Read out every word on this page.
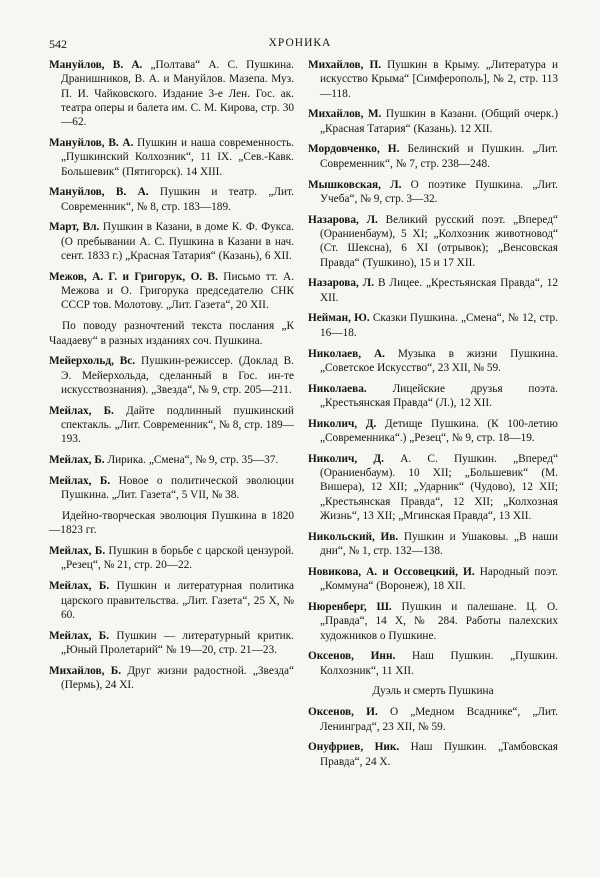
542	ХРОНИКА
Мануйлов, В. А. „Полтава“ А. С. Пушкина. Дранишников, В. А. и Мануйлов. Мазепа. Муз. П. И. Чайковского. Издание 3-е Лен. Гос. ак. театра оперы и балета им. С. М. Кирова, стр. 30—62.
Мануйлов, В. А. Пушкин и наша современность. „Пушкинский Колхозник“, 11 IX. „Сев.-Кавк. Большевик“ (Пятигорск). 14 XIII.
Мануйлов, В. А. Пушкин и театр. „Лит. Современник“, № 8, стр. 183—189.
Март, Вл. Пушкин в Казани, в доме К. Ф. Фукса. (О пребывании А. С. Пушкина в Казани в нач. сент. 1833 г.) „Красная Татария“ (Казань), 6 XII.
Межов, А. Г. и Григорук, О. В. Письмо тт. А. Межова и О. Григорука председателю СНК СССР тов. Молотову. „Лит. Газета“, 20 XII.
По поводу разночтений текста послания „К Чаадаеву“ в разных изданиях соч. Пушкина.
Мейерхольд, Вс. Пушкин-режиссер. (Доклад В. Э. Мейерхольда, сделанный в Гос. ин-те искусствознания). „Звезда“, № 9, стр. 205—211.
Мейлах, Б. Дайте подлинный пушкинский спектакль. „Лит. Современник“, № 8, стр. 189—193.
Мейлах, Б. Лирика. „Смена“, № 9, стр. 35—37.
Мейлах, Б. Новое о политической эволюции Пушкина. „Лит. Газета“, 5 VII, № 38.
Идейно-творческая эволюция Пушкина в 1820—1823 гг.
Мейлах, Б. Пушкин в борьбе с царской цензурой. „Резец“, № 21, стр. 20—22.
Мейлах, Б. Пушкин и литературная политика царского правительства. „Лит. Газета“, 25 X, № 60.
Мейлах, Б. Пушкин — литературный критик. „Юный Пролетарий“ № 19—20, стр. 21—23.
Михайлов, Б. Друг жизни радостной. „Звезда“ (Пермь), 24 XI.
Михайлов, П. Пушкин в Крыму. „Литература и искусство Крыма“ [Симферополь], № 2, стр. 113—118.
Михайлов, М. Пушкин в Казани. (Общий очерк.) „Красная Татария“ (Казань). 12 XII.
Мордовченко, Н. Белинский и Пушкин. „Лит. Современник“, № 7, стр. 238—248.
Мышковская, Л. О поэтике Пушкина. „Лит. Учеба“, № 9, стр. 3—32.
Назарова, Л. Великий русский поэт. „Вперед“ (Ораниенбаум), 5 XI; „Колхозник животновод“ (Ст. Шексна), 6 XI (отрывок); „Венсовская Правда“ (Тушкино), 15 и 17 XII.
Назарова, Л. В Лицее. „Крестьянская Правда“, 12 XII.
Нейман, Ю. Сказки Пушкина. „Смена“, № 12, стр. 16—18.
Николаев, А. Музыка в жизни Пушкина. „Советское Искусство“, 23 XII, № 59.
Николаева. Лицейские друзья поэта. „Крестьянская Правда“ (Л.), 12 XII.
Николич, Д. Детище Пушкина. (К 100-летию „Современника“.) „Резец“, № 9, стр. 18—19.
Николич, Д. А. С. Пушкин. „Вперед“ (Ораниенбаум). 10 XII; „Большевик“ (М. Вишера), 12 XII; „Ударник“ (Чудово), 12 XII; „Крестьянская Правда“, 12 XII; „Колхозная Жизнь“, 13 XII; „Мгинская Правда“, 13 XII.
Никольский, Ив. Пушкин и Ушаковы. „В наши дни“, № 1, стр. 132—138.
Новикова, А. и Оссовецкий, И. Народный поэт. „Коммуна“ (Воронеж), 18 XII.
Нюренберг, Ш. Пушкин и палешане. Ц. О. „Правда“, 14 X, № 284. Работы палехских художников о Пушкине.
Оксенов, Инн. Наш Пушкин. „Пушкин. Колхозник“, 11 XII.
Дуэль и смерть Пушкина
Оксенов, И. О „Медном Всаднике“, „Лит. Ленинград“, 23 XII, № 59.
Онуфриев, Ник. Наш Пушкин. „Тамбовская Правда“, 24 X.
